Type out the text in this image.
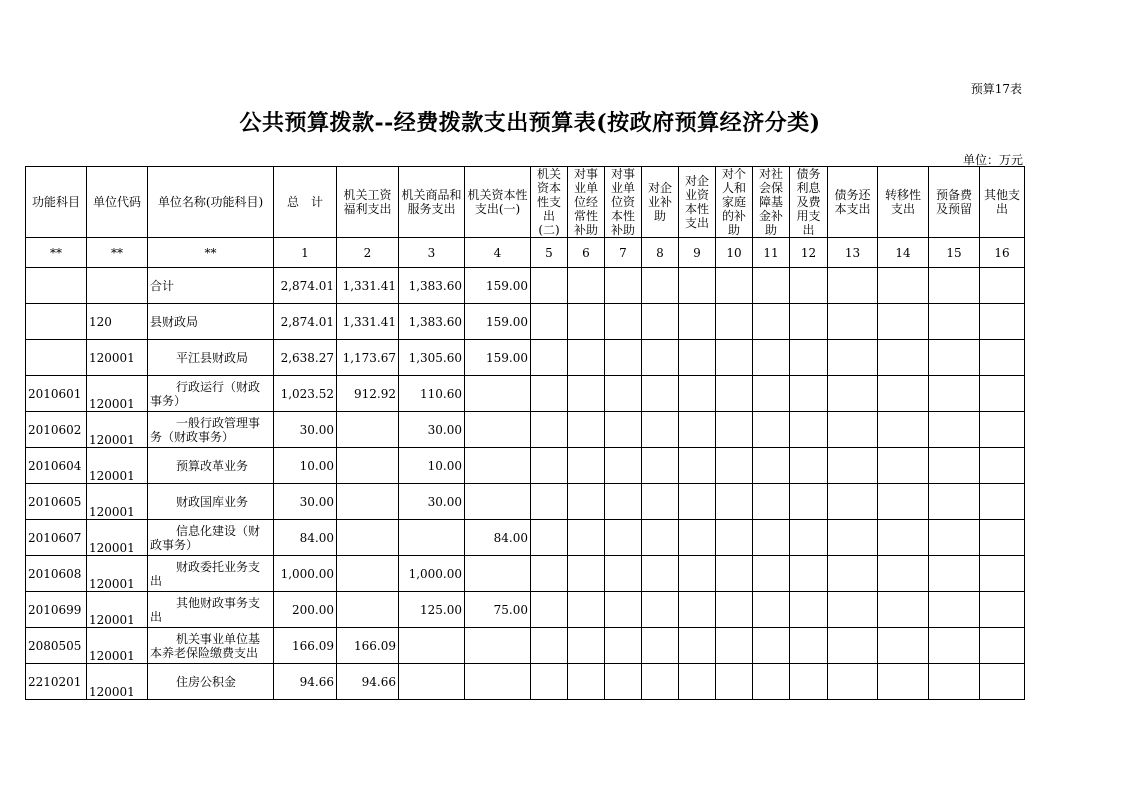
预算17表
公共预算拨款--经费拨款支出预算表(按政府预算经济分类)
单位：万元
功能科目	单位代码	单位名称(功能科目)	总　计	机关工资福利支出	机关商品和服务支出	机关资本性支出(一)	机关资本性支出(二)	对事业单位经常性补助	对事业单位资本性补助	对企业补助	对企业资本性支出	对个人和家庭的补助	对社会保障基金补助	债务利息及费用支出	债务还本支出	转移性支出	预备费及预留	其他支出
**	**	**	1	2	3	4	5	6	7	8	9	10	11	12	13	14	15	16

		合计	2,874.01	1,331.41	1,383.60	159.00												

	120	县财政局	2,874.01	1,331.41	1,383.60	159.00												

	120001	平江县财政局	2,638.27	1,173.67	1,305.60	159.00												

2010601	120001	行政运行（财政事务）	1,023.52	912.92	110.60													

2010602	120001	一般行政管理事务（财政事务）	30.00		30.00													

2010604	120001	预算改革业务	10.00		10.00													

2010605	120001	财政国库业务	30.00		30.00													

2010607	120001	信息化建设（财政事务）	84.00			84.00												

2010608	120001	财政委托业务支出	1,000.00		1,000.00													

2010699	120001	其他财政事务支出	200.00		125.00	75.00												

2080505	120001	机关事业单位基本养老保险缴费支出	166.09	166.09														

2210201	120001	住房公积金	94.66	94.66														
